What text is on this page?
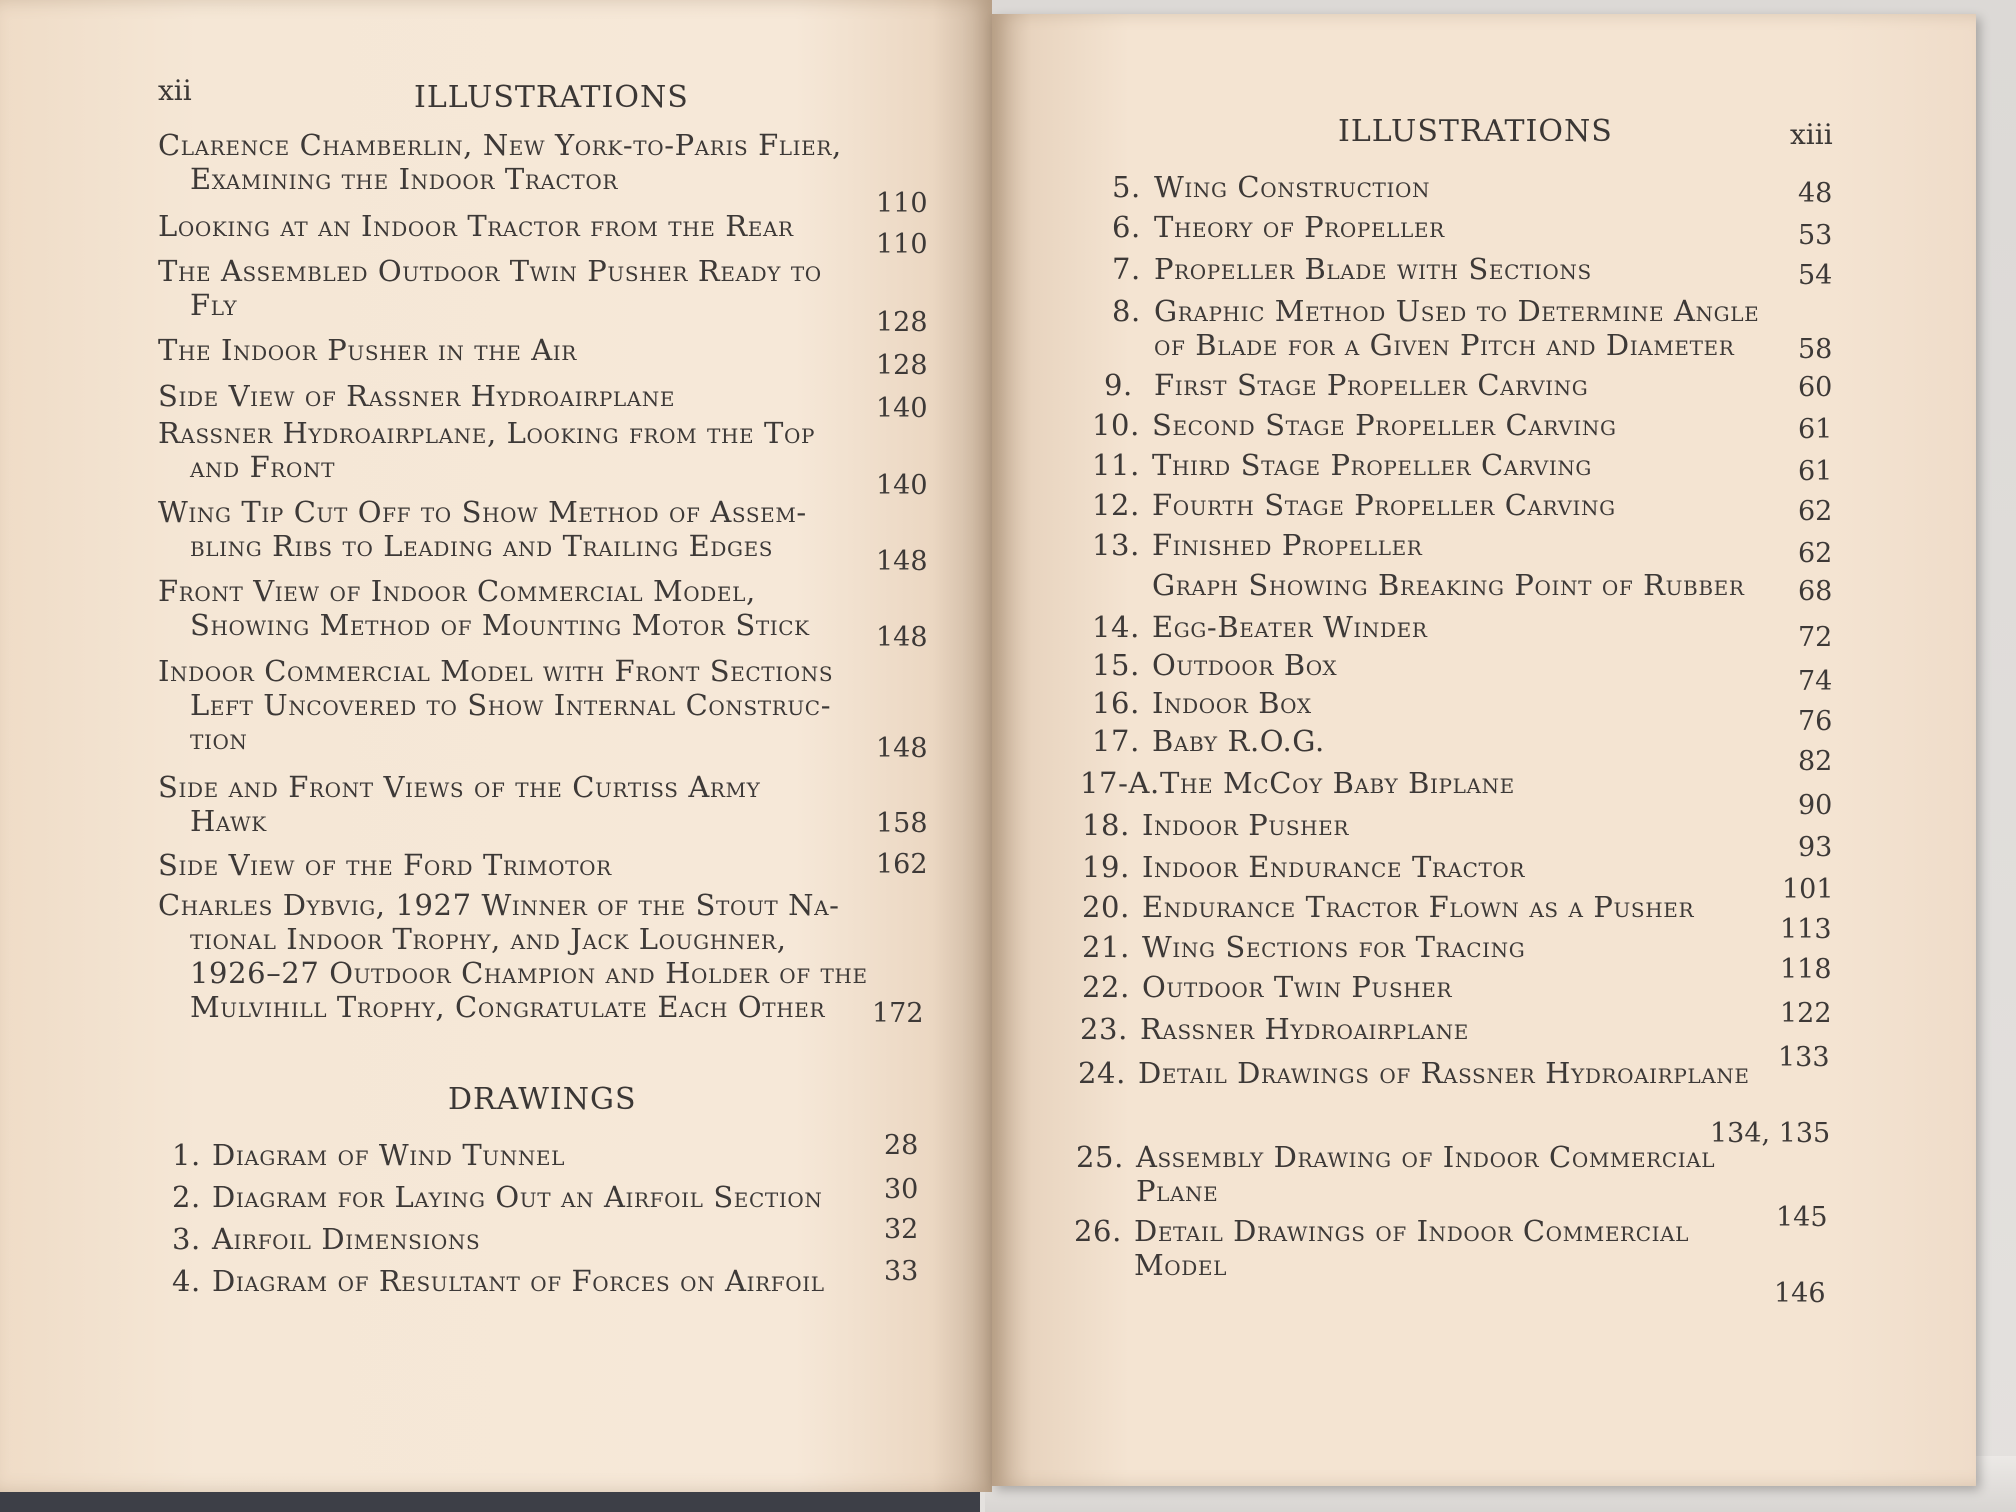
xii	ILLUSTRATIONS
Clarence Chamberlin, New York-to-Paris Flier,
Examining the Indoor Tractor
110
Looking at an Indoor Tractor from the Rear
110
The Assembled Outdoor Twin Pusher Ready to
Fly
128
The Indoor Pusher in the Air	128
Side View of Rassner Hydroairplane	140
Rassner Hydroairplane, Looking from the Top
and Front
140
Wing Tip Cut Off to Show Method of Assem-
bling Ribs to Leading and Trailing Edges	148
Front View of Indoor Commercial Model,
Showing Method of Mounting Motor Stick 148
Indoor Commercial Model with Front Sections
Left Uncovered to Show Internal Construc-
tion	148
Side and Front Views of the Curtiss Army
Hawk	158
Side View of the Ford Trimotor	162
Charles Dybvig, 1927 Winner of the Stout Na-
tional Indoor Trophy, and Jack Loughner,
1926–27 Outdoor Champion and Holder of the
Mulvihill Trophy, Congratulate Each Other	172
DRAWINGS
1. Diagram of Wind Tunnel	28
2. Diagram for Laying Out an Airfoil Section 30
3. Airfoil Dimensions	32
4. Diagram of Resultant of Forces on Airfoil 33
ILLUSTRATIONS	xiii
5. Wing Construction	48
6. Theory of Propeller	53
7. Propeller Blade with Sections	54
8. Graphic Method Used to Determine Angle
of Blade for a Given Pitch and Diameter	58
9. First Stage Propeller Carving	60
10. Second Stage Propeller Carving	61
11. Third Stage Propeller Carving	61
12. Fourth Stage Propeller Carving	62
13. Finished Propeller	62
Graph Showing Breaking Point of Rubber 68
14. Egg-Beater Winder	72
15. Outdoor Box	74
16. Indoor Box
76
17. Baby R.O.G.
82
17-A.The McCoy Baby Biplane
90
18. Indoor Pusher
93
19. Indoor Endurance Tractor
101
20. Endurance Tractor Flown as a Pusher
113
21. Wing Sections for Tracing
118
22. Outdoor Twin Pusher
122
23. Rassner Hydroairplane
133
24. Detail Drawings of Rassner Hydroairplane
134, 135
25. Assembly Drawing of Indoor Commercial
Plane
145
26. Detail Drawings of Indoor Commercial
Model
146
